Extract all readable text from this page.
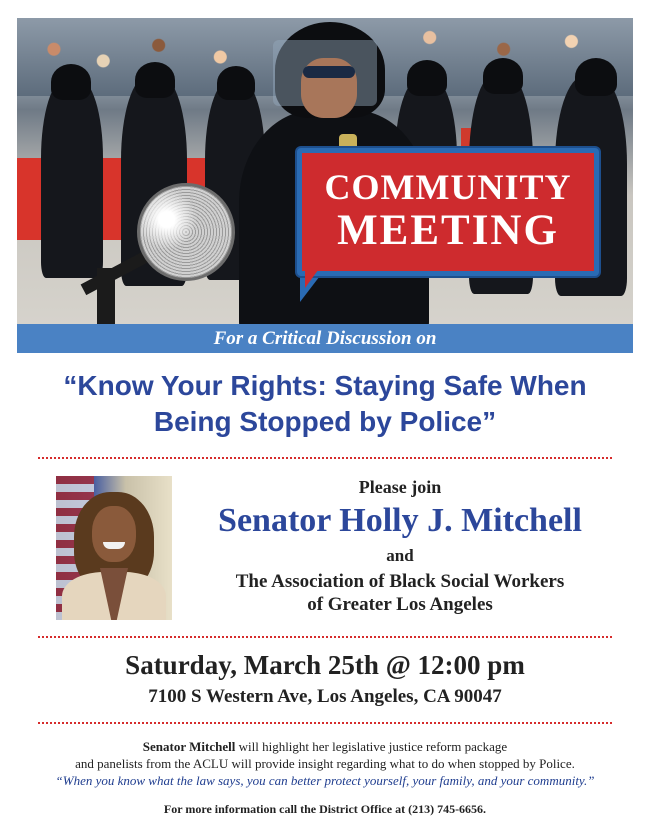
COMMUNITY
MEETING
For a Critical Discussion on
“Know Your Rights: Staying Safe When
Being Stopped by Police”
Please join
Senator Holly J. Mitchell
and
The Association of Black Social Workers
of Greater Los Angeles
Saturday, March 25th @ 12:00 pm
7100 S Western Ave, Los Angeles, CA 90047
Senator Mitchell will highlight her legislative justice reform package
and panelists from the ACLU will provide insight regarding what to do when stopped by Police.
“When you know what the law says, you can better protect yourself, your family, and your community.”
For more information call the District Office at (213) 745-6656.
